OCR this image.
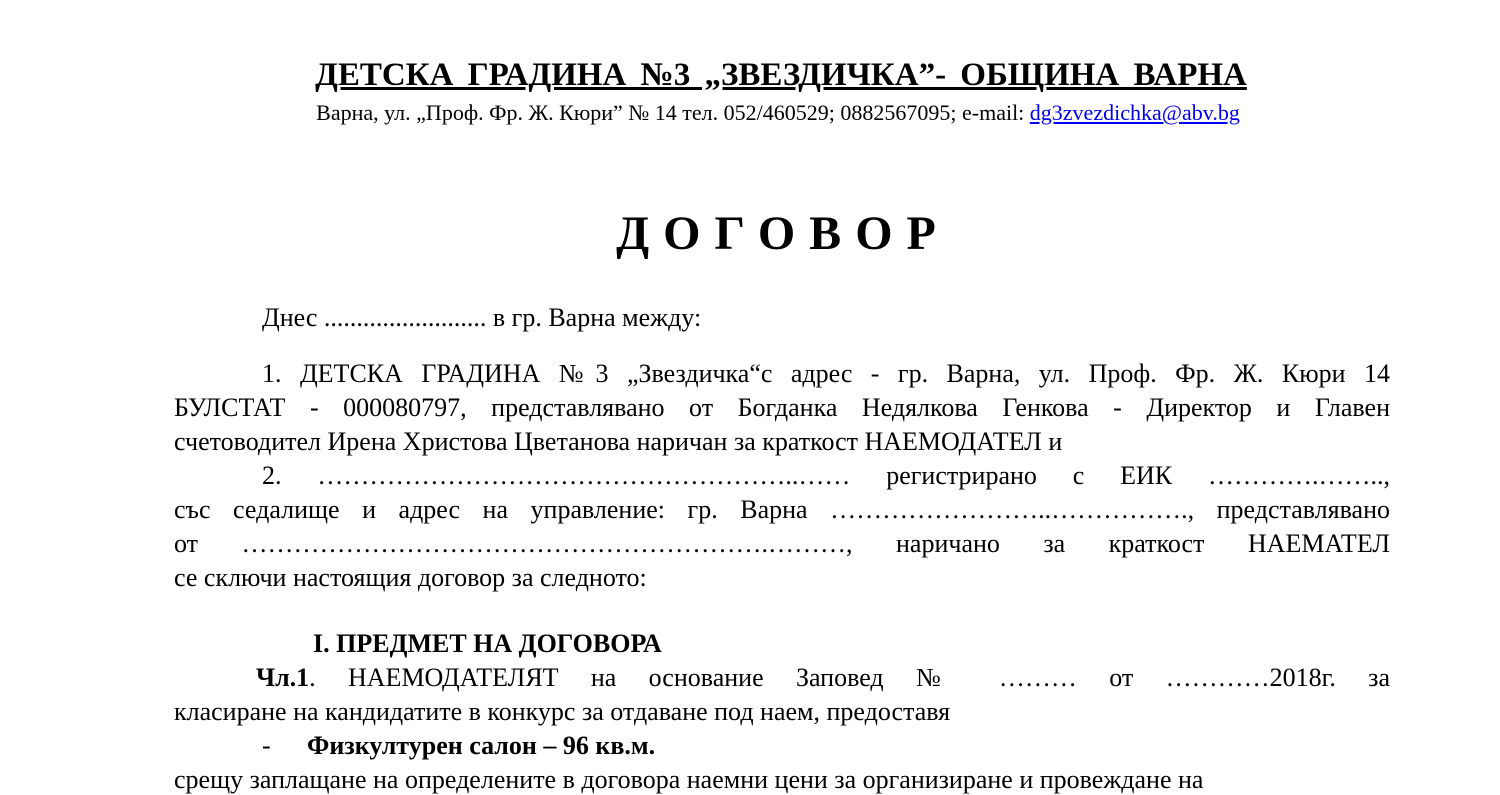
ДЕТСКА ГРАДИНА №3 „ЗВЕЗДИЧКА”- ОБЩИНА ВАРНА
Варна, ул. „Проф. Фр. Ж. Кюри” № 14 тел. 052/460529; 0882567095; e-mail: dg3zvezdichka@abv.bg
ДОГОВОР
Днес ......................... в гр. Варна между:
1. ДЕТСКА ГРАДИНА №3 „Звездичка“с адрес - гр. Варна, ул. Проф. Фр. Ж. Кюри 14
БУЛСТАТ - 000080797, представлявано от Богданка Недялкова Генкова - Директор и Главен
счетоводител Ирена Христова Цветанова наричан за краткост НАЕМОДАТЕЛ и
2. ………………………………………………..…… регистрирано с ЕИК ………….……..,
със седалище и адрес на управление: гр. Варна ……………………..……………., представлявано
от …………………………………………………….………, наричано за краткост НАЕМАТЕЛ
се сключи настоящия договор за следното:
I. ПРЕДМЕТ НА ДОГОВОРА
Чл.1. НАЕМОДАТЕЛЯТ на основание Заповед № ……… от …………2018г. за
класиране на кандидатите в конкурс за отдаване под наем, предоставя
- Физкултурен салон – 96 кв.м.
срещу заплащане на определените в договора наемни цени за организиране и провеждане на
